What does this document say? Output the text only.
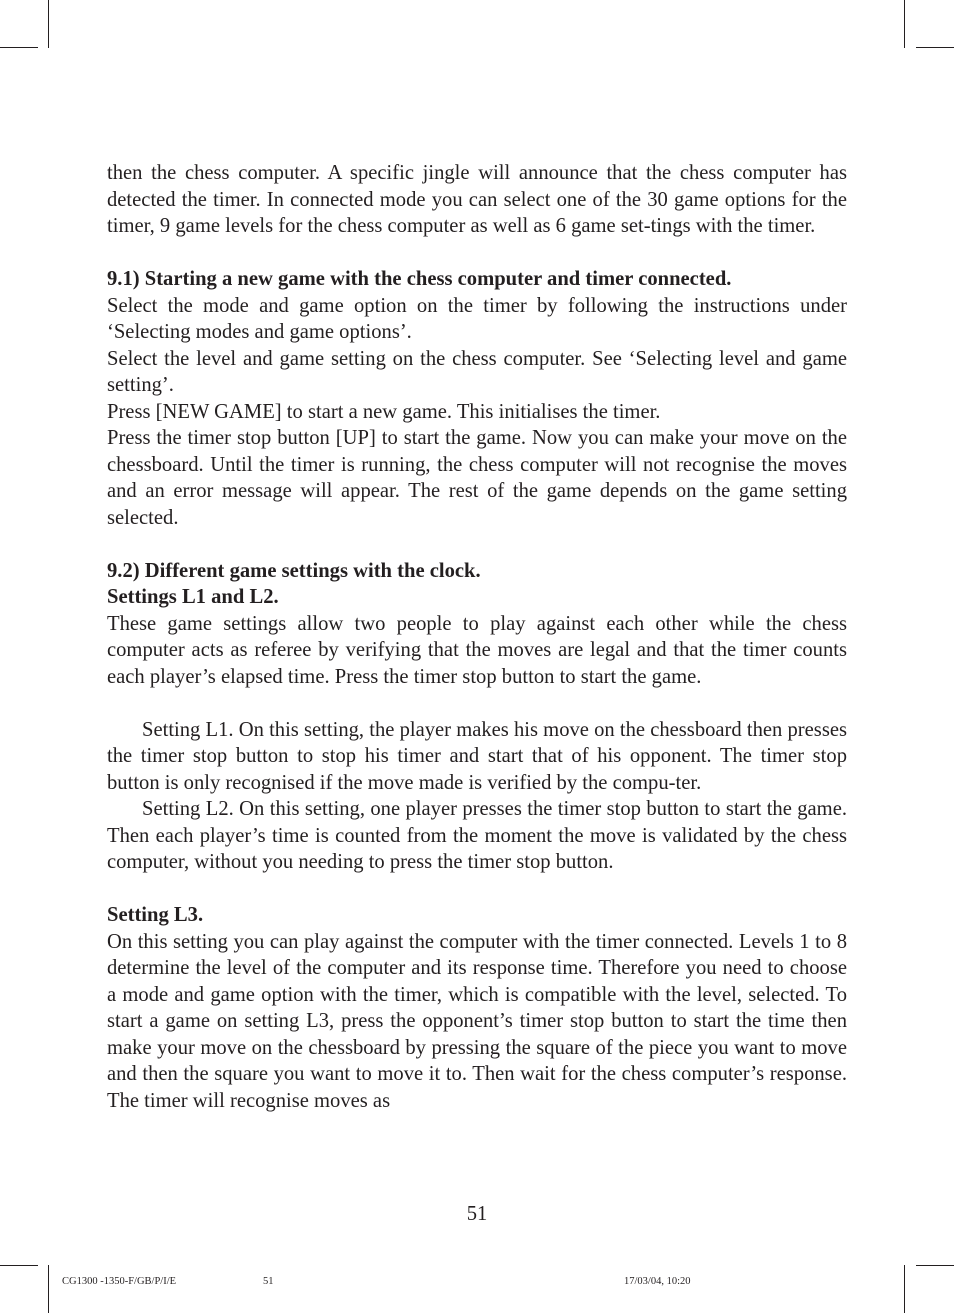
then the chess computer. A specific jingle will announce that the chess computer has detected the timer. In connected mode you can select one of the 30 game options for the timer, 9 game levels for the chess computer as well as 6 game set-tings with the timer.

9.1) Starting a new game with the chess computer and timer connected.

Select the mode and game option on the timer by following the instructions under ‘Selecting modes and game options’.

Select the level and game setting on the chess computer. See ‘Selecting level and game setting’.

Press [NEW GAME] to start a new game. This initialises the timer.

Press the timer stop button [UP] to start the game. Now you can make your move on the chessboard. Until the timer is running, the chess computer will not recognise the moves and an error message will appear. The rest of the game depends on the game setting selected.

9.2) Different game settings with the clock.

Settings L1 and L2.

These game settings allow two people to play against each other while the chess computer acts as referee by verifying that the moves are legal and that the timer counts each player’s elapsed time. Press the timer stop button to start the game.

Setting L1. On this setting, the player makes his move on the chessboard then presses the timer stop button to stop his timer and start that of his opponent. The timer stop button is only recognised if the move made is verified by the compu-ter.

Setting L2. On this setting, one player presses the timer stop button to start the game. Then each player’s time is counted from the moment the move is validated by the chess computer, without you needing to press the timer stop button.

Setting L3.

On this setting you can play against the computer with the timer connected. Levels 1 to 8 determine the level of the computer and its response time. Therefore you need to choose a mode and game option with the timer, which is compatible with the level, selected. To start a game on setting L3, press the opponent’s timer stop button to start the time then make your move on the chessboard by pressing the square of the piece you want to move and then the square you want to move it to. Then wait for the chess computer’s response. The timer will recognise moves as

51
CG1300 -1350-F/GB/P/I/E	51	17/03/04, 10:20
